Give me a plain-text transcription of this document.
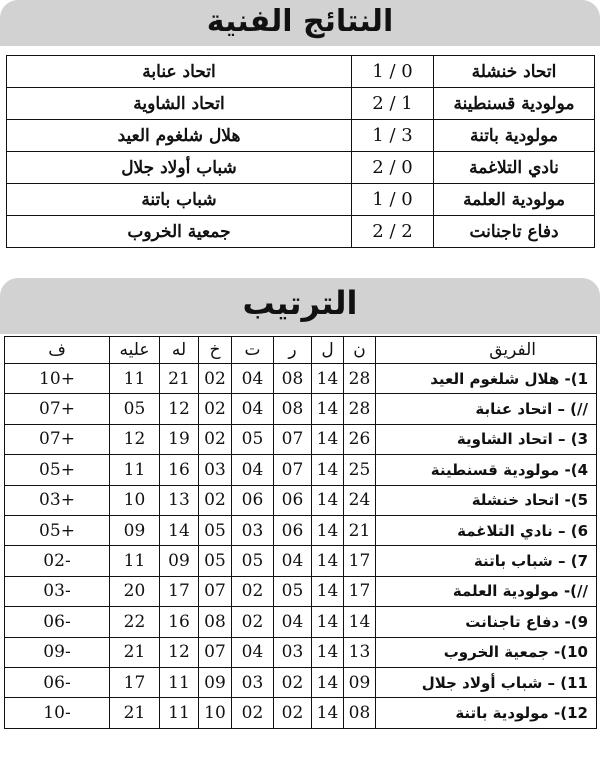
النتائج الفنية
اتحاد خنشلة	1 / 0	اتحاد عنابة
مولودية قسنطينة	2 / 1	اتحاد الشاوية
مولودية باتنة	1 / 3	هلال شلغوم العيد
نادي التلاغمة	2 / 0	شباب أولاد جلال
مولودية العلمة	1 / 0	شباب باتنة
دفاع تاجنانت	2 / 2	جمعية الخروب
الترتيب
الفريق	ن	ل	ر	ت	خ	له	عليه	ف
1)- هلال شلغوم العيد	28	14	08	04	02	21	11	+10
//) – اتحاد عنابة	28	14	08	04	02	12	05	+07
3) – اتحاد الشاوية	26	14	07	05	02	19	12	+07
4)- مولودية قسنطينة	25	14	07	04	03	16	11	+05
5)- اتحاد خنشلة	24	14	06	06	02	13	10	+03
6) – نادي التلاغمة	21	14	06	03	05	14	09	+05
7) – شباب باتنة	17	14	04	05	05	09	11	-02
//)- مولودية العلمة	17	14	05	02	07	17	20	-03
9)- دفاع تاجنانت	14	14	04	02	08	16	22	-06
10)- جمعية الخروب	13	14	03	04	07	12	21	-09
11) – شباب أولاد جلال	09	14	02	03	09	11	17	-06
12)- مولودية باتنة	08	14	02	02	10	11	21	-10
